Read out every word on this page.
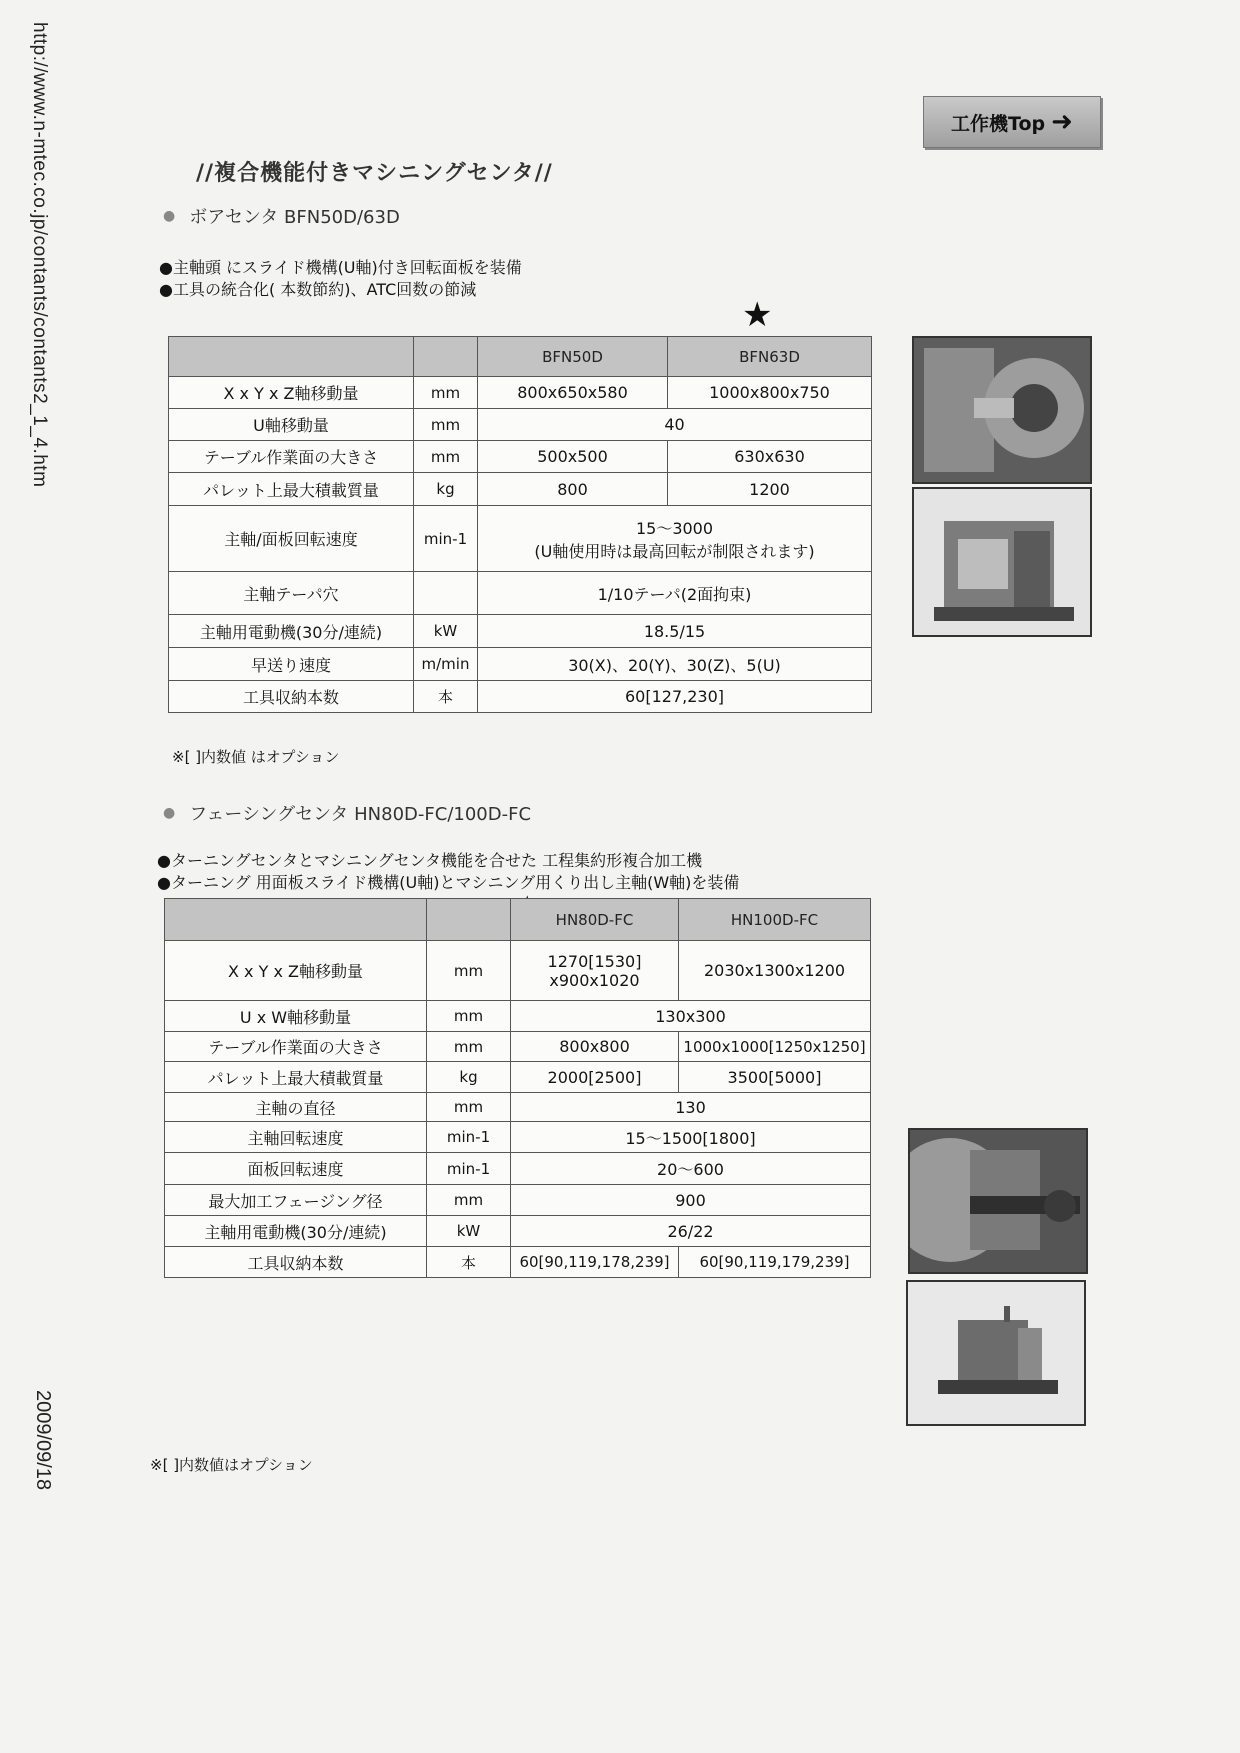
http://www.n-mtec.co.jp/contants/contants2_1_4.htm
2009/09/18
工作機Top ➜
//複合機能付きマシニングセンタ//
● ボアセンタ BFN50D/63D
●主軸頭 にスライド機構(U軸)付き回転面板を装備
●工具の統合化( 本数節約)、ATC回数の節減
★
		BFN50D	BFN63D
X x Y x Z軸移動量	mm	800x650x580	1000x800x750
U軸移動量	mm	40	
テーブル作業面の大きさ	mm	500x500	630x630
パレット上最大積載質量	kg	800	1200
主軸/面板回転速度	min-1	15～3000
(U軸使用時は最高回転が制限されます)	

主軸テーパ穴		1/10テーパ(2面拘束)	
主軸用電動機(30分/連続)	kW	18.5/15	
早送り速度	m/min	30(X)、20(Y)、30(Z)、5(U)	
工具収納本数	本	60[127,230]	
※[ ]内数値 はオプション
● フェーシングセンタ HN80D-FC/100D-FC
●ターニングセンタとマシニングセンタ機能を合せた 工程集約形複合加工機
●ターニング 用面板スライド機構(U軸)とマシニング用くり出し主軸(W軸)を装備
		HN80D-FC	HN100D-FC
X x Y x Z軸移動量	mm	1270[1530]
x900x1020	2030x1300x1200
U x W軸移動量	mm	130x300	
テーブル作業面の大きさ	mm	800x800	1000x1000[1250x1250]
パレット上最大積載質量	kg	2000[2500]	3500[5000]
主軸の直径	mm	130	
主軸回転速度	min-1	15～1500[1800]	
面板回転速度	min-1	20～600	
最大加工フェージング径	mm	900	
主軸用電動機(30分/連続)	kW	26/22	
工具収納本数	本	60[90,119,178,239]	60[90,119,179,239]
※[ ]内数値はオプション
